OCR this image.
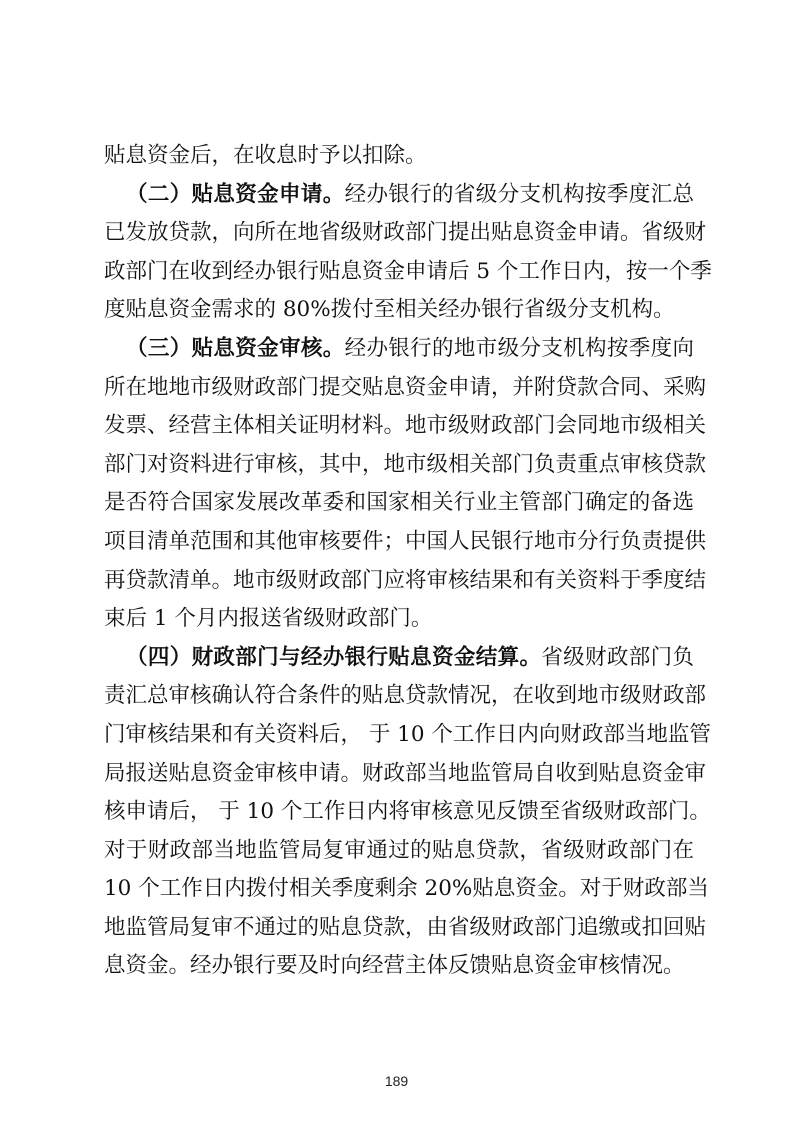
贴息资金后，在收息时予以扣除。
（二）贴息资金申请。经办银行的省级分支机构按季度汇总
已发放贷款，向所在地省级财政部门提出贴息资金申请。省级财
政部门在收到经办银行贴息资金申请后 5 个工作日内，按一个季
度贴息资金需求的 80%拨付至相关经办银行省级分支机构。
（三）贴息资金审核。经办银行的地市级分支机构按季度向
所在地地市级财政部门提交贴息资金申请，并附贷款合同、采购
发票、经营主体相关证明材料。地市级财政部门会同地市级相关
部门对资料进行审核，其中，地市级相关部门负责重点审核贷款
是否符合国家发展改革委和国家相关行业主管部门确定的备选
项目清单范围和其他审核要件；中国人民银行地市分行负责提供
再贷款清单。地市级财政部门应将审核结果和有关资料于季度结
束后 1 个月内报送省级财政部门。
（四）财政部门与经办银行贴息资金结算。省级财政部门负
责汇总审核确认符合条件的贴息贷款情况，在收到地市级财政部
门审核结果和有关资料后， 于 10 个工作日内向财政部当地监管
局报送贴息资金审核申请。财政部当地监管局自收到贴息资金审
核申请后， 于 10 个工作日内将审核意见反馈至省级财政部门。
对于财政部当地监管局复审通过的贴息贷款，省级财政部门在
10 个工作日内拨付相关季度剩余 20%贴息资金。对于财政部当
地监管局复审不通过的贴息贷款，由省级财政部门追缴或扣回贴
息资金。经办银行要及时向经营主体反馈贴息资金审核情况。
189
